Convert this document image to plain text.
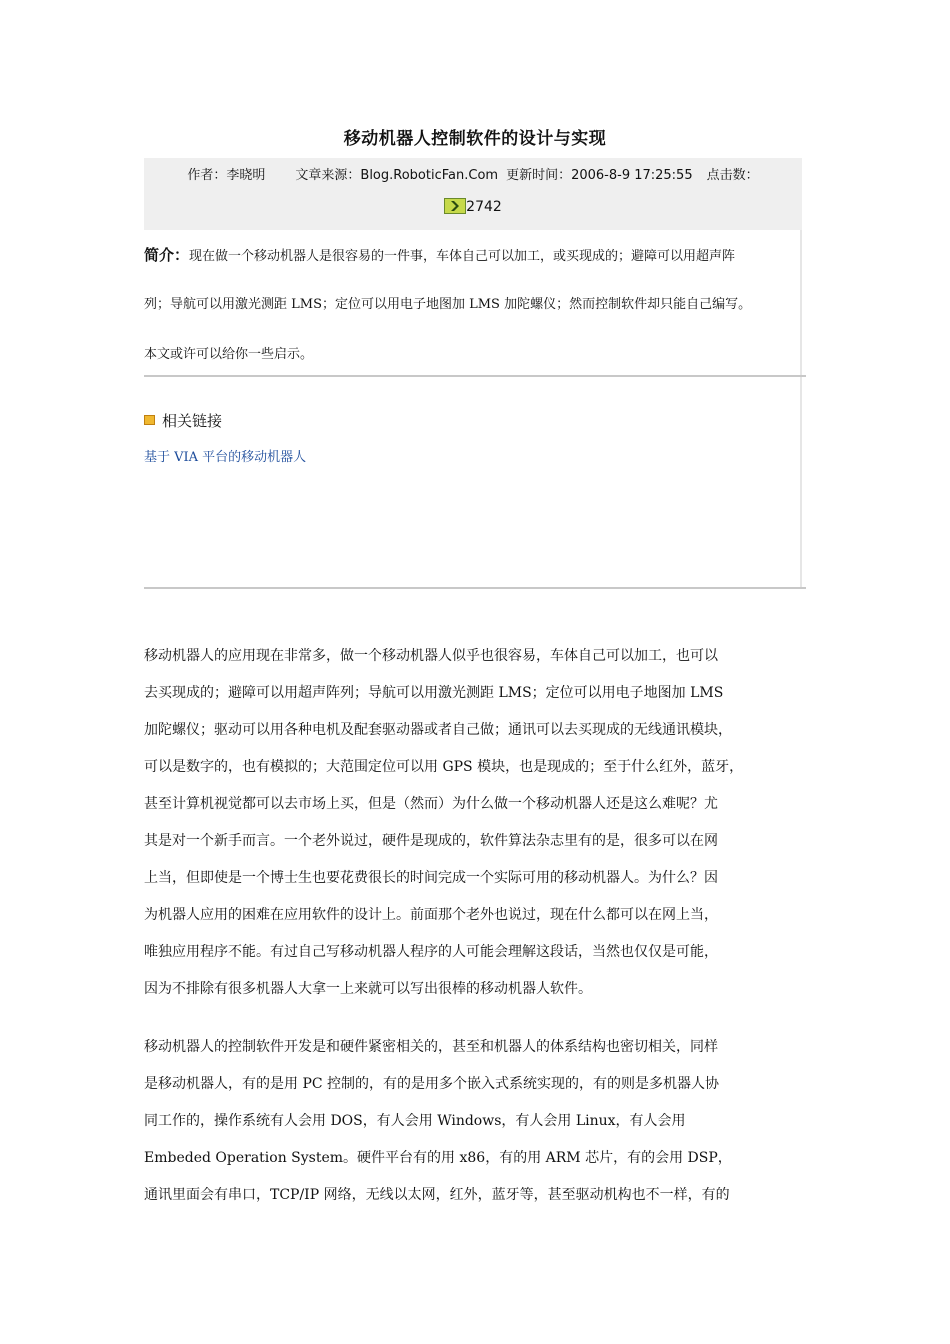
移动机器人控制软件的设计与实现
作者：李晓明 文章来源：Blog.RoboticFan.Com 更新时间：2006-8-9 17:25:55 点击数：
2742
简介：现在做一个移动机器人是很容易的一件事，车体自己可以加工，或买现成的；避障可以用超声阵
列；导航可以用激光测距 LMS；定位可以用电子地图加 LMS 加陀螺仪；然而控制软件却只能自己编写。
本文或许可以给你一些启示。
相关链接
基于 VIA 平台的移动机器人
移动机器人的应用现在非常多，做一个移动机器人似乎也很容易，车体自己可以加工，也可以
去买现成的；避障可以用超声阵列；导航可以用激光测距 LMS；定位可以用电子地图加 LMS
加陀螺仪；驱动可以用各种电机及配套驱动器或者自己做；通讯可以去买现成的无线通讯模块，
可以是数字的，也有模拟的；大范围定位可以用 GPS 模块，也是现成的；至于什么红外，蓝牙，
甚至计算机视觉都可以去市场上买，但是（然而）为什么做一个移动机器人还是这么难呢？尤
其是对一个新手而言。一个老外说过，硬件是现成的，软件算法杂志里有的是，很多可以在网
上当，但即使是一个博士生也要花费很长的时间完成一个实际可用的移动机器人。为什么？因
为机器人应用的困难在应用软件的设计上。前面那个老外也说过，现在什么都可以在网上当，
唯独应用程序不能。有过自己写移动机器人程序的人可能会理解这段话，当然也仅仅是可能，
因为不排除有很多机器人大拿一上来就可以写出很棒的移动机器人软件。
移动机器人的控制软件开发是和硬件紧密相关的，甚至和机器人的体系结构也密切相关，同样
是移动机器人，有的是用 PC 控制的，有的是用多个嵌入式系统实现的，有的则是多机器人协
同工作的，操作系统有人会用 DOS，有人会用 Windows，有人会用 Linux，有人会用
Embeded Operation System。硬件平台有的用 x86，有的用 ARM 芯片，有的会用 DSP，
通讯里面会有串口，TCP/IP 网络，无线以太网，红外，蓝牙等，甚至驱动机构也不一样，有的
